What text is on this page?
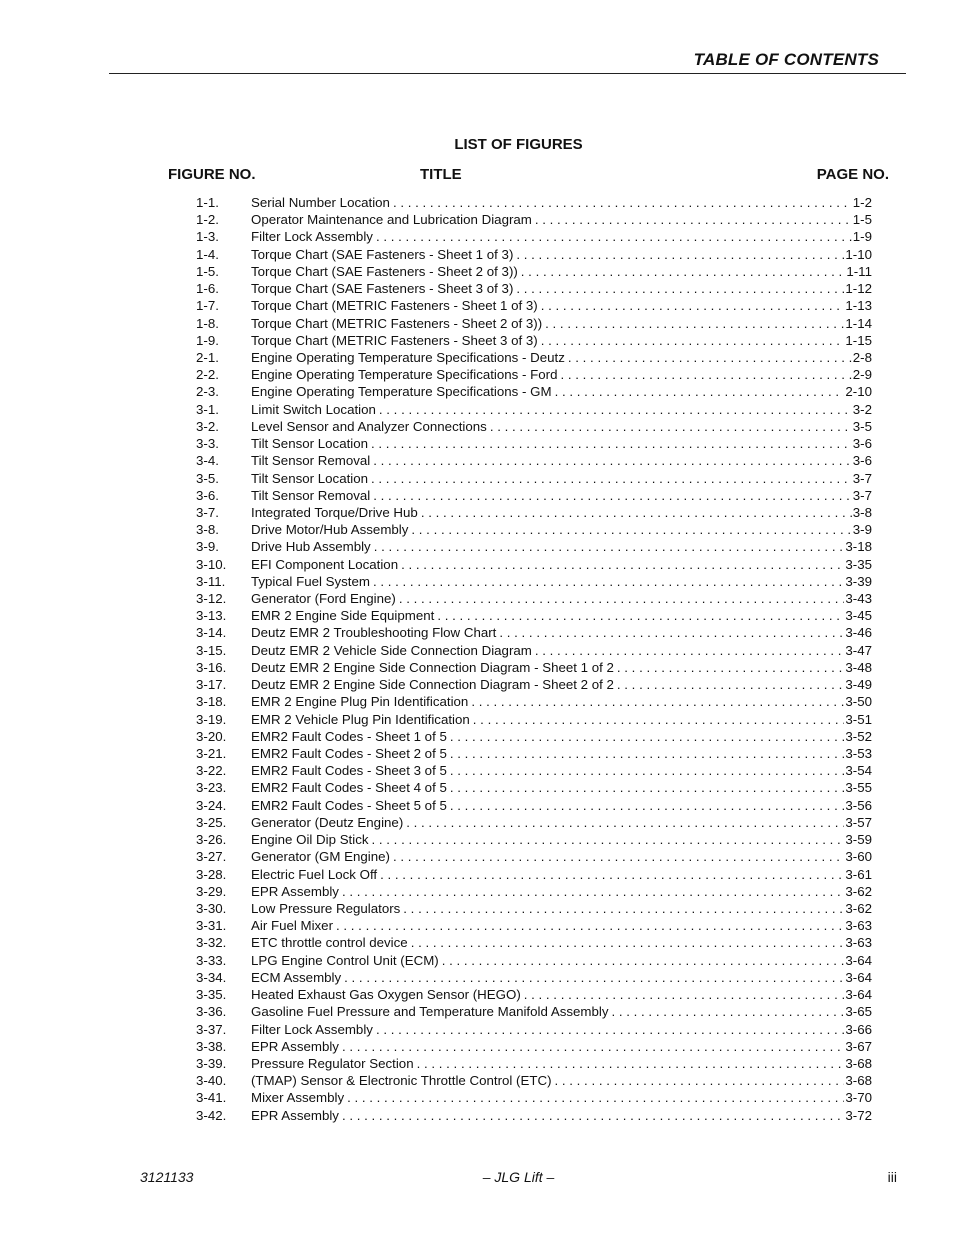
TABLE OF CONTENTS
LIST OF FIGURES
FIGURE NO.	TITLE	PAGE NO.
1-1. Serial Number Location . . .	1-2
1-2. Operator Maintenance and Lubrication Diagram . . .	1-5
1-3. Filter Lock Assembly . . .	1-9
1-4. Torque Chart (SAE Fasteners - Sheet 1 of 3) . . .	1-10
1-5. Torque Chart (SAE Fasteners - Sheet 2 of 3)) . . .	1-11
1-6. Torque Chart (SAE Fasteners - Sheet 3 of 3) . . .	1-12
1-7. Torque Chart (METRIC Fasteners - Sheet 1 of 3) . . .	1-13
1-8. Torque Chart (METRIC Fasteners - Sheet 2 of 3)) . . .	1-14
1-9. Torque Chart (METRIC Fasteners - Sheet 3 of 3) . . .	1-15
2-1. Engine Operating Temperature Specifications - Deutz . . .	2-8
2-2. Engine Operating Temperature Specifications - Ford . . .	2-9
2-3. Engine Operating Temperature Specifications - GM . . .	2-10
3-1. Limit Switch Location . . .	3-2
3-2. Level Sensor and Analyzer Connections . . .	3-5
3-3. Tilt Sensor Location . . .	3-6
3-4. Tilt Sensor Removal . . .	3-6
3-5. Tilt Sensor Location . . .	3-7
3-6. Tilt Sensor Removal . . .	3-7
3-7. Integrated Torque/Drive Hub . . .	3-8
3-8. Drive Motor/Hub Assembly . . .	3-9
3-9. Drive Hub Assembly . . .	3-18
3-10. EFI Component Location . . .	3-35
3-11. Typical Fuel System . . .	3-39
3-12. Generator (Ford Engine) . . .	3-43
3-13. EMR 2 Engine Side Equipment . . .	3-45
3-14. Deutz EMR 2 Troubleshooting Flow Chart . . .	3-46
3-15. Deutz EMR 2 Vehicle Side Connection Diagram . . .	3-47
3-16. Deutz EMR 2 Engine Side Connection Diagram - Sheet 1 of 2 . . .	3-48
3-17. Deutz EMR 2 Engine Side Connection Diagram - Sheet 2 of 2 . . .	3-49
3-18. EMR 2 Engine Plug Pin Identification . . .	3-50
3-19. EMR 2 Vehicle Plug Pin Identification . . .	3-51
3-20. EMR2 Fault Codes - Sheet 1 of 5 . . .	3-52
3-21. EMR2 Fault Codes - Sheet 2 of 5 . . .	3-53
3-22. EMR2 Fault Codes - Sheet 3 of 5 . . .	3-54
3-23. EMR2 Fault Codes - Sheet 4 of 5 . . .	3-55
3-24. EMR2 Fault Codes - Sheet 5 of 5 . . .	3-56
3-25. Generator (Deutz Engine) . . .	3-57
3-26. Engine Oil Dip Stick . . .	3-59
3-27. Generator (GM Engine) . . .	3-60
3-28. Electric Fuel Lock Off . . .	3-61
3-29. EPR Assembly . . .	3-62
3-30. Low Pressure Regulators . . .	3-62
3-31. Air Fuel Mixer . . .	3-63
3-32. ETC throttle control device . . .	3-63
3-33. LPG Engine Control Unit (ECM) . . .	3-64
3-34. ECM Assembly . . .	3-64
3-35. Heated Exhaust Gas Oxygen Sensor (HEGO) . . .	3-64
3-36. Gasoline Fuel Pressure and Temperature Manifold Assembly . . .	3-65
3-37. Filter Lock Assembly . . .	3-66
3-38. EPR Assembly . . .	3-67
3-39. Pressure Regulator Section . . .	3-68
3-40. (TMAP) Sensor & Electronic Throttle Control (ETC) . . .	3-68
3-41. Mixer Assembly . . .	3-70
3-42. EPR Assembly . . .	3-72
3121133	– JLG Lift –	iii
